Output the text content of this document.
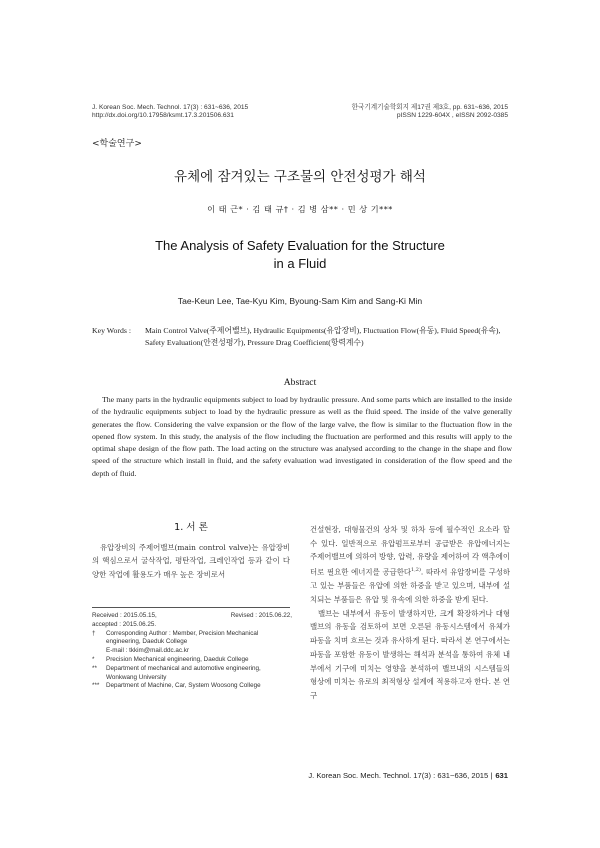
J. Korean Soc. Mech. Technol. 17(3) : 631~636, 2015
http://dx.doi.org/10.17958/ksmt.17.3.201506.631
한국기계기술학회지 제17권 제3호, pp. 631~636, 2015
pISSN 1229-604X , eISSN 2092-0385
<학술연구>
유체에 잠겨있는 구조물의 안전성평가 해석
이 태 근* · 김 태 규† · 김 병 삼** · 민 상 기***
The Analysis of Safety Evaluation for the Structure
in a Fluid
Tae-Keun Lee, Tae-Kyu Kim, Byoung-Sam Kim and Sang-Ki Min
Key Words : Main Control Valve(주제어밸브), Hydraulic Equipments(유압장비), Fluctuation Flow(유동), Fluid Speed(유속), Safety Evaluation(안전성평가), Pressure Drag Coefficient(항력계수)
Abstract
The many parts in the hydraulic equipments subject to load by hydraulic pressure. And some parts which are installed to the inside of the hydraulic equipments subject to load by the hydraulic pressure as well as the fluid speed. The inside of the valve generally generates the flow. Considering the valve expansion or the flow of the large valve, the flow is similar to the fluctuation flow in the opened flow system. In this study, the analysis of the flow including the fluctuation are performed and this results will apply to the optimal shape design of the flow path. The load acting on the structure was analysed according to the change in the shape and flow speed of the structure which install in fluid, and the safety evaluation wad investigated in consideration of the flow speed and the depth of fluid.
1. 서 론

유압장비의 주제어밸브(main control valve)는 유압장비의 핵심으로서 굴삭작업, 평탄작업, 크레인작업 등과 같이 다양한 작업에 활용도가 매우 높은 장비로서

Received : 2015.05.15,	Revised : 2015.06.22,
accepted : 2015.06.25.
†	Corresponding Author : Member, Precision Mechanical engineering, Daeduk College
E-mail : tkkim@mail.ddc.ac.kr
*	Precision Mechanical engineering, Daeduk College
**	Department of mechanical and automotive engineering, Wonkwang University
***	Department of Machine, Car, System Woosong College

건설현장, 대형물건의 상차 및 하차 등에 필수적인 요소라 할 수 있다. 일반적으로 유압펌프로부터 공급받은 유압에너지는 주제어밸브에 의하여 방향, 압력, 유량을 제어하여 각 액추에이터로 필요한 에너지를 공급한다$^{1,2)}$. 따라서 유압장비를 구성하고 있는 부품들은 유압에 의한 하중을 받고 있으며, 내부에 설치되는 부품들은 유압 및 유속에 의한 하중을 받게 된다.

밸브는 내부에서 유동이 발생하지만, 크게 확장하거나 대형 밸브의 유동을 검토하여 보면 오른된 유동시스템에서 유체가 파동을 치며 흐르는 것과 유사하게 된다. 따라서 본 연구에서는 파동을 포함한 유동이 발생하는 해석과 분석을 통하여 유체 내부에서 기구에 미치는 영향을 분석하여 밸브내의 시스템들의 형상에 미치는 유로의 최적형상 설계에 적용하고자 한다. 본 연구

J. Korean Soc. Mech. Technol. 17(3) : 631~636, 2015 | 631
